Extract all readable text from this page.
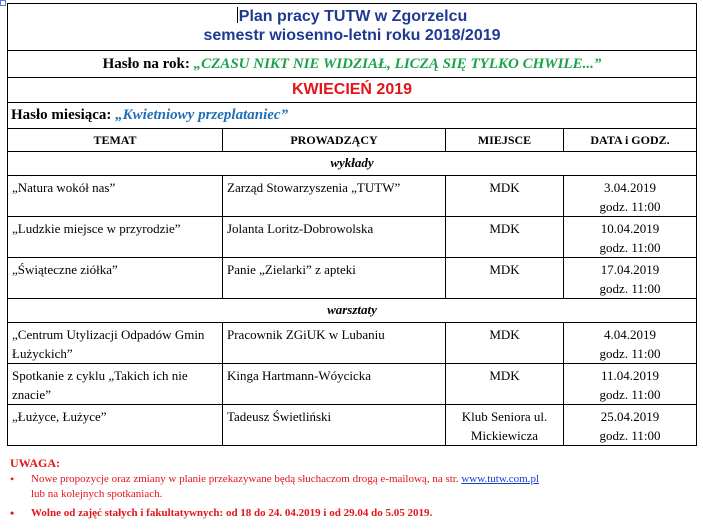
Plan pracy TUTW w Zgorzelcu
semestr wiosenno-letni roku 2018/2019			

Hasło na rok: „CZASU NIKT NIE WIDZIAŁ, LICZĄ SIĘ TYLKO CHWILE...”			
KWIECIEŃ 2019			
Hasło miesiąca: „Kwietniowy przeplataniec”			
TEMAT	PROWADZĄCY	MIEJSCE	DATA i GODZ.
wykłady			
„Natura wokół nas”	Zarząd Stowarzyszenia „TUTW”	MDK	3.04.2019
godz. 11:00

„Ludzkie miejsce w przyrodzie”	Jolanta Loritz-Dobrowolska	MDK	10.04.2019
godz. 11:00

„Świąteczne ziółka”	Panie „Zielarki” z apteki	MDK	17.04.2019
godz. 11:00

warsztaty			
„Centrum Utylizacji Odpadów Gmin Łużyckich”	Pracownik ZGiUK w Lubaniu	MDK	4.04.2019
godz. 11:00

Spotkanie z cyklu „Takich ich nie znacie”	Kinga Hartmann-Wóycicka	MDK	11.04.2019
godz. 11:00

„Łużyce, Łużyce”	Tadeusz Świetliński	Klub Seniora ul. Mickiewicza	25.04.2019
godz. 11:00
UWAGA:
• Nowe propozycje oraz zmiany w planie przekazywane będą słuchaczom drogą e-mailową, na str. www.tutw.com.pl
lub na kolejnych spotkaniach.
• Wolne od zajęć stałych i fakultatywnych: od 18 do 24. 04.2019 i od 29.04 do 5.05 2019.
